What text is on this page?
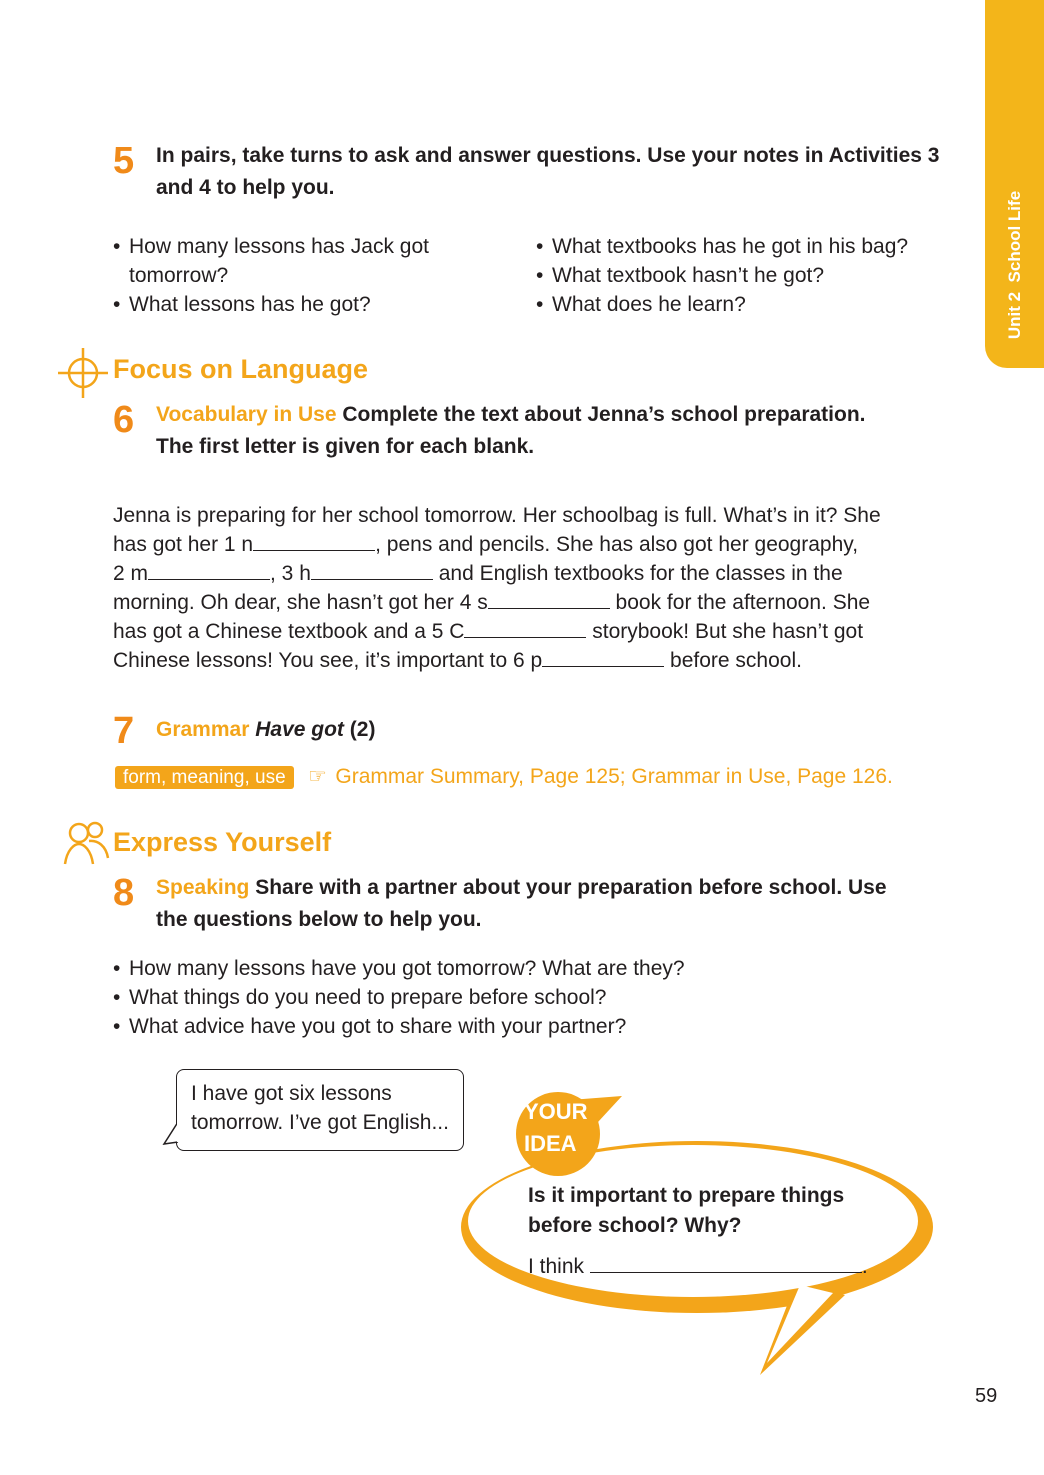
Unit 2  School Life
5 In pairs, take turns to ask and answer questions. Use your notes in Activities 3 and 4 to help you.
• How many lessons has Jack got tomorrow?
• What lessons has he got?
• What textbooks has he got in his bag?
• What textbook hasn’t he got?
• What does he learn?
Focus on Language
6 Vocabulary in Use Complete the text about Jenna’s school preparation.
The first letter is given for each blank.
Jenna is preparing for her school tomorrow. Her schoolbag is full. What’s in it? She
has got her 1 n	, pens and pencils. She has also got her geography,
2 m	, 3 h	and English textbooks for the classes in the
morning. Oh dear, she hasn’t got her 4 s	book for the afternoon. She
has got a Chinese textbook and a 5 C	storybook! But she hasn’t got
Chinese lessons! You see, it’s important to 6 p	before school.
7 Grammar Have got (2)
form, meaning, use ☞ Grammar Summary, Page 125; Grammar in Use, Page 126.
Express Yourself
8 Speaking Share with a partner about your preparation before school. Use
the questions below to help you.
• How many lessons have you got tomorrow? What are they?
• What things do you need to prepare before school?
• What advice have you got to share with your partner?

I have got six lessons
tomorrow. I’ve got English...	YOUR
IDEA
Is it important to prepare things
before school? Why?
I think	.
59
